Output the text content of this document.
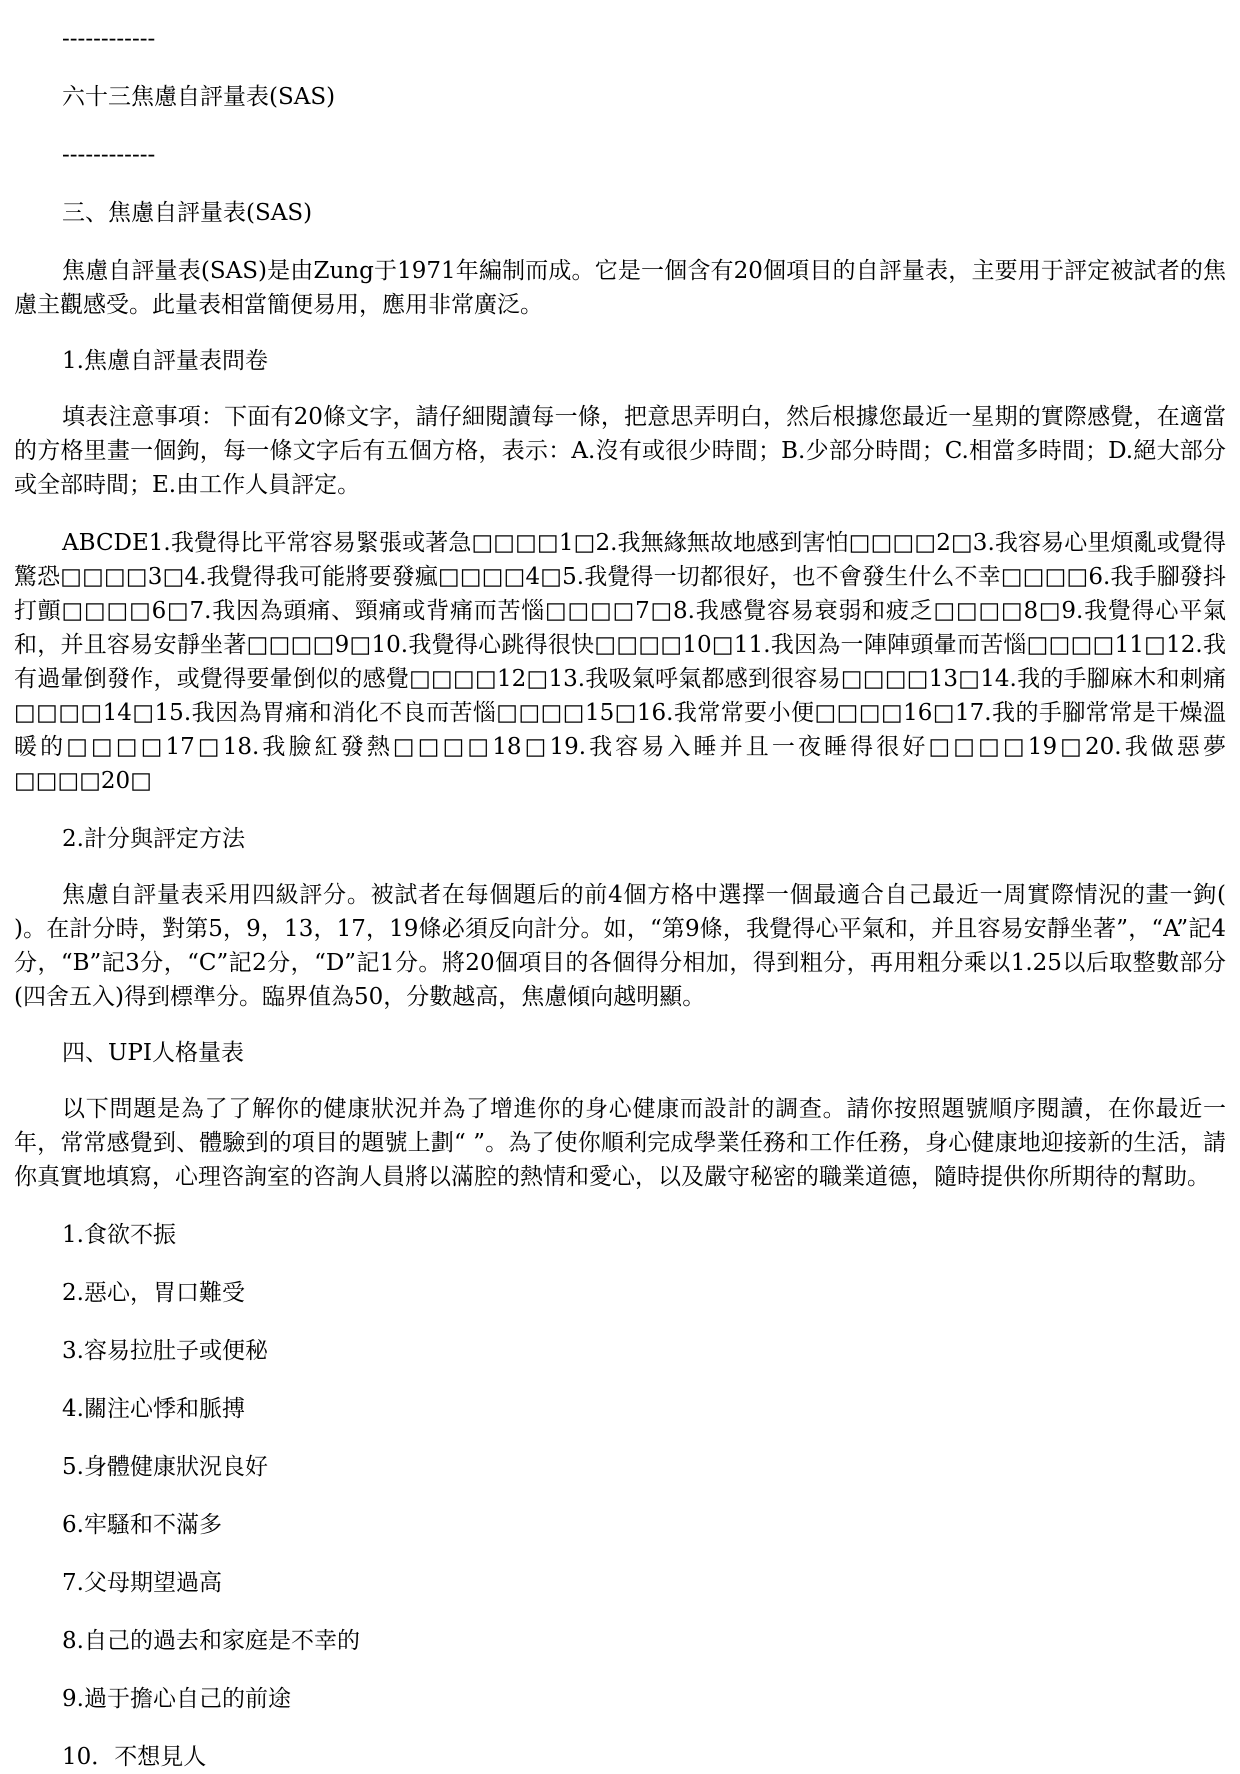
------------

六十三焦慮自評量表(SAS)

------------

三、焦慮自評量表(SAS)

焦慮自評量表(SAS)是由Zung于1971年編制而成。它是一個含有20個項目的自評量表，主要用于評定被試者的焦慮主觀感受。此量表相當簡便易用，應用非常廣泛。

1.焦慮自評量表問卷

填表注意事項：下面有20條文字，請仔細閱讀每一條，把意思弄明白，然后根據您最近一星期的實際感覺，在適當的方格里畫一個鉤，每一條文字后有五個方格，表示：A.沒有或很少時間；B.少部分時間；C.相當多時間；D.絕大部分或全部時間；E.由工作人員評定。

ABCDE1.我覺得比平常容易緊張或著急□□□□1□2.我無緣無故地感到害怕□□□□2□3.我容易心里煩亂或覺得驚恐□□□□3□4.我覺得我可能將要發瘋□□□□4□5.我覺得一切都很好，也不會發生什么不幸□□□□6.我手腳發抖打顫□□□□6□7.我因為頭痛、頸痛或背痛而苦惱□□□□7□8.我感覺容易衰弱和疲乏□□□□8□9.我覺得心平氣和，并且容易安靜坐著□□□□9□10.我覺得心跳得很快□□□□10□11.我因為一陣陣頭暈而苦惱□□□□11□12.我有過暈倒發作，或覺得要暈倒似的感覺□□□□12□13.我吸氣呼氣都感到很容易□□□□13□14.我的手腳麻木和刺痛□□□□14□15.我因為胃痛和消化不良而苦惱□□□□15□16.我常常要小便□□□□16□17.我的手腳常常是干燥溫暖的□□□□17□18.我臉紅發熱□□□□18□19.我容易入睡并且一夜睡得很好□□□□19□20.我做惡夢□□□□20□

2.計分與評定方法

焦慮自評量表采用四級評分。被試者在每個題后的前4個方格中選擇一個最適合自己最近一周實際情況的畫一鉤( )。在計分時，對第5，9，13，17，19條必須反向計分。如，“第9條，我覺得心平氣和，并且容易安靜坐著”，“A”記4分，“B”記3分，“C”記2分，“D”記1分。將20個項目的各個得分相加，得到粗分，再用粗分乘以1.25以后取整數部分(四舍五入)得到標準分。臨界值為50，分數越高，焦慮傾向越明顯。

四、UPI人格量表

以下問題是為了了解你的健康狀況并為了增進你的身心健康而設計的調查。請你按照題號順序閱讀，在你最近一年，常常感覺到、體驗到的項目的題號上劃“ ”。為了使你順利完成學業任務和工作任務，身心健康地迎接新的生活，請你真實地填寫，心理咨詢室的咨詢人員將以滿腔的熱情和愛心，以及嚴守秘密的職業道德，隨時提供你所期待的幫助。

1.食欲不振

2.惡心，胃口難受

3.容易拉肚子或便秘

4.關注心悸和脈搏

5.身體健康狀況良好

6.牢騷和不滿多

7.父母期望過高

8.自己的過去和家庭是不幸的

9.過于擔心自己的前途

10．不想見人
